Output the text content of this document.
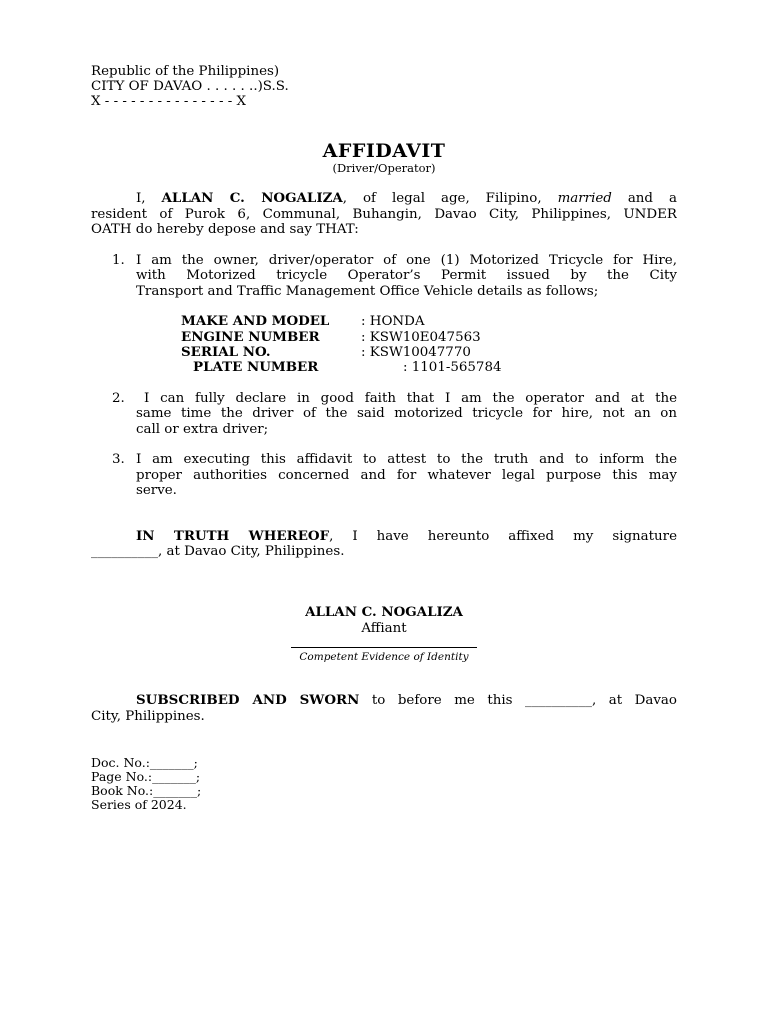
Republic of the Philippines)
CITY OF DAVAO . . . . . ..)S.S.
X - - - - - - - - - - - - - - - X
AFFIDAVIT
(Driver/Operator)
I, ALLAN C. NOGALIZA, of legal age, Filipino, married and a
resident of Purok 6, Communal, Buhangin, Davao City, Philippines, UNDER
OATH do hereby depose and say THAT:
1. I am the owner, driver/operator of one (1) Motorized Tricycle for Hire,
with Motorized tricycle Operator’s Permit issued by the City
Transport and Traffic Management Office Vehicle details as follows;
MAKE AND MODEL : HONDA
ENGINE NUMBER	: KSW10E047563
SERIAL NO.	: KSW10047770
PLATE NUMBER	: 1101-565784
2.	I can fully declare in good faith that I am the operator and at the
same time the driver of the said motorized tricycle for hire, not an on
call or extra driver;
3. I am executing this affidavit to attest to the truth and to inform the
proper authorities concerned and for whatever legal purpose this may
serve.
IN TRUTH WHEREOF, I have hereunto affixed my signature
__________, at Davao City, Philippines.
ALLAN C. NOGALIZA
Affiant
Competent Evidence of Identity
SUBSCRIBED AND SWORN to before me this __________, at Davao
City, Philippines.
Doc. No.:_______;
Page No.:_______;
Book No.:_______;
Series of 2024.
